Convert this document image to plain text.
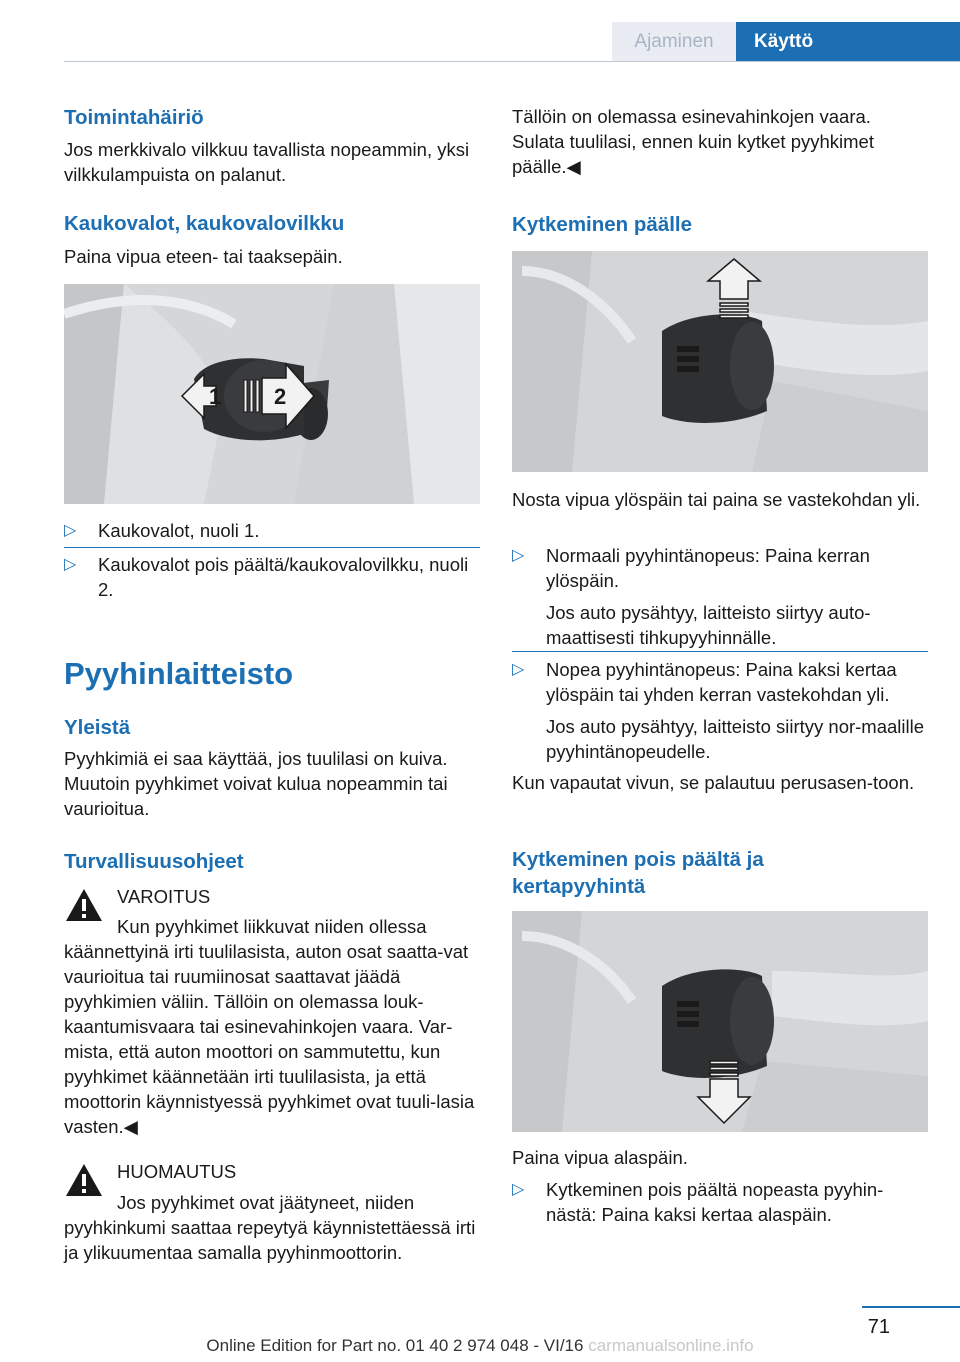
Ajaminen	Käyttö
Toimintahäiriö

Jos merkkivalo vilkkuu tavallista nopeammin, yksi vilkkulampuista on palanut.

Kaukovalot, kaukovalovilkku

Paina vipua eteen- tai taaksepäin.

1 2
▷ Kaukovalot, nuoli 1.
▷ Kaukovalot pois päältä/kaukovalovilkku, nuoli 2.
Pyyhinlaitteisto
Yleistä

Pyyhkimiä ei saa käyttää, jos tuulilasi on kuiva. Muutoin pyyhkimet voivat kulua nopeammin tai vaurioitua.

Turvallisuusohjeet
VAROITUS

Kun pyyhkimet liikkuvat niiden ollessa

käännettyinä irti tuulilasista, auton osat saatta-vat vaurioitua tai ruumiinosat saattavat jäädä pyyhkimien väliin. Tällöin on olemassa louk-kaantumisvaara tai esinevahinkojen vaara. Var-mista, että auton moottori on sammutettu, kun pyyhkimet käännetään irti tuulilasista, ja että moottorin käynnistyessä pyyhkimet ovat tuuli-lasia vasten.◀

HUOMAUTUS

Jos pyyhkimet ovat jäätyneet, niiden

pyyhkinkumi saattaa repeytyä käynnistettäessä irti ja ylikuumentaa samalla pyyhinmoottorin.

Tällöin on olemassa esinevahinkojen vaara. Sulata tuulilasi, ennen kuin kytket pyyhkimet päälle.◀

Kytkeminen päälle

Nosta vipua ylöspäin tai paina se vastekohdan yli.

▷ Normaali pyyhintänopeus: Paina kerran ylöspäin.
Jos auto pysähtyy, laitteisto siirtyy auto-maattisesti tihkupyyhinnälle.
▷ Nopea pyyhintänopeus: Paina kaksi kertaa ylöspäin tai yhden kerran vastekohdan yli.
Jos auto pysähtyy, laitteisto siirtyy nor-maalille pyyhintänopeudelle.

Kun vapautat vivun, se palautuu perusasen-toon.

Kytkeminen pois päältä ja kertapyyhintä

Paina vipua alaspäin.

▷ Kytkeminen pois päältä nopeasta pyyhin-nästä: Paina kaksi kertaa alaspäin.
71
Online Edition for Part no. 01 40 2 974 048 - VI/16 carmanualsonline.info
